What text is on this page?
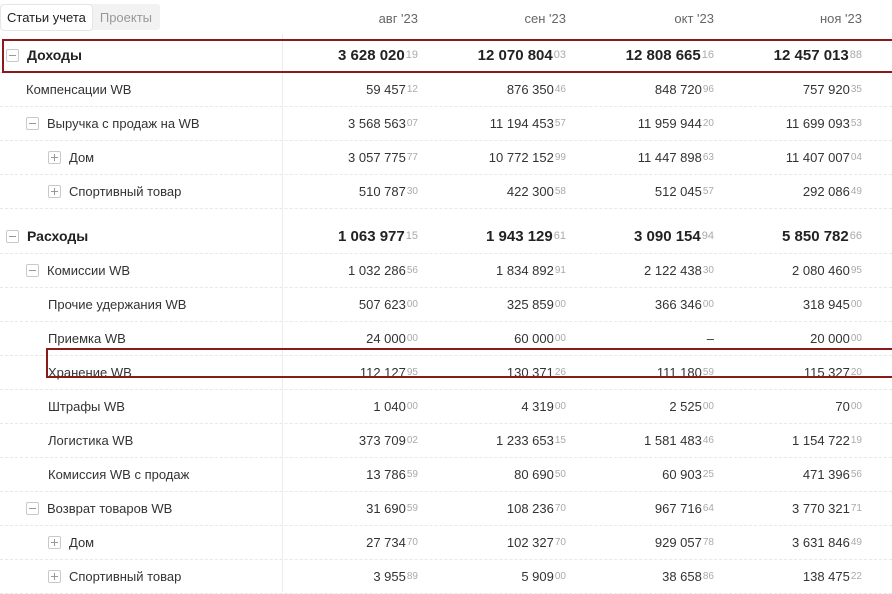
Статьи учета	Проекты	авг '23	сен '23	окт '23	ноя '23
Доходы	3 628 020 19	12 070 804 03	12 808 665 16	12 457 013 88
Компенсации WB	59 457 12	876 350 46	848 720 96	757 920 35
Выручка с продаж на WB	3 568 563 07	11 194 453 57	11 959 944 20	11 699 093 53
Дом	3 057 775 77	10 772 152 99	11 447 898 63	11 407 007 04
Спортивный товар	510 787 30	422 300 58	512 045 57	292 086 49
Расходы	1 063 977 15	1 943 129 61	3 090 154 94	5 850 782 66
Комиссии WB	1 032 286 56	1 834 892 91	2 122 438 30	2 080 460 95
Прочие удержания WB	507 623 00	325 859 00	366 346 00	318 945 00
Приемка WB	24 000 00	60 000 00	–	20 000 00
Хранение WB	112 127 95	130 371 26	111 180 59	115 327 20
Штрафы WB	1 040 00	4 319 00	2 525 00	70 00
Логистика WB	373 709 02	1 233 653 15	1 581 483 46	1 154 722 19
Комиссия WB с продаж	13 786 59	80 690 50	60 903 25	471 396 56
Возврат товаров WB	31 690 59	108 236 70	967 716 64	3 770 321 71
Дом	27 734 70	102 327 70	929 057 78	3 631 846 49
Спортивный товар	3 955 89	5 909 00	38 658 86	138 475 22
